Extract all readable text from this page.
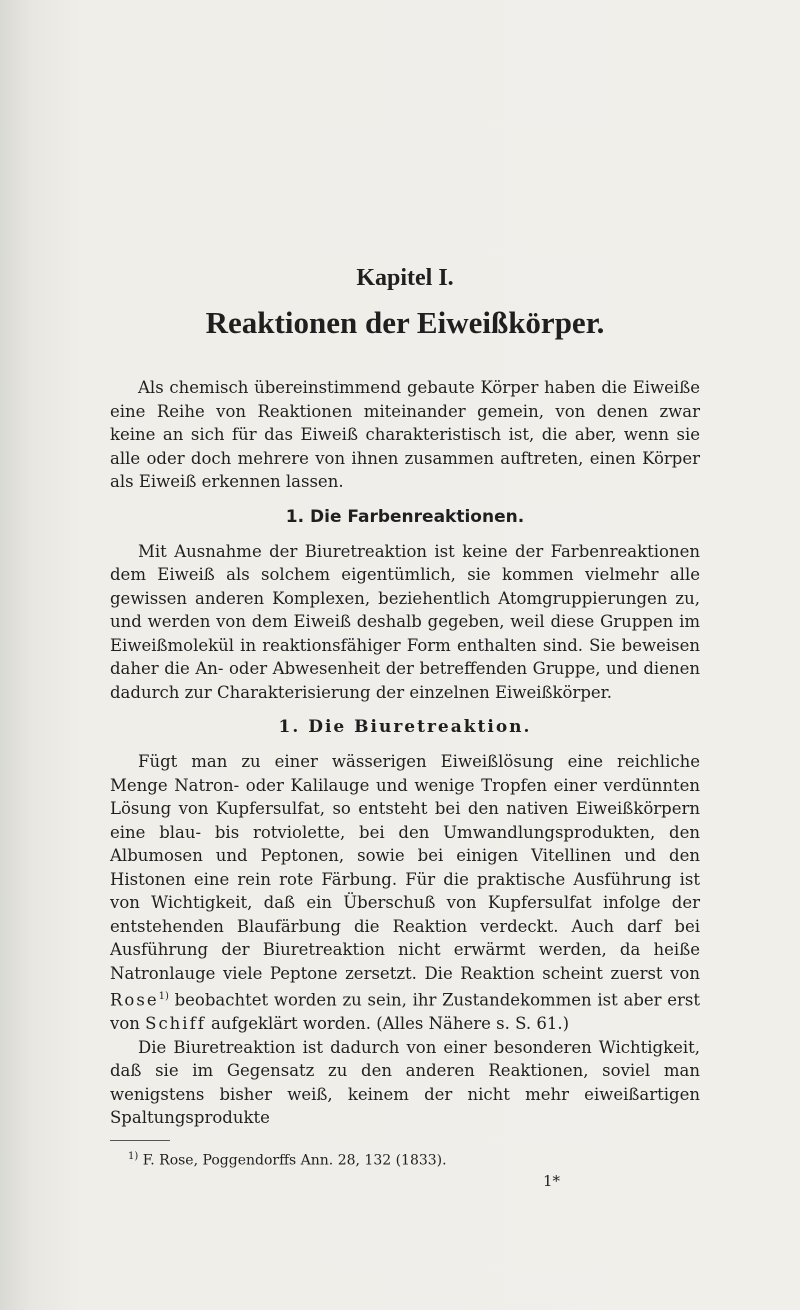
Kapitel I.
Reaktionen der Eiweißkörper.

Als chemisch übereinstimmend gebaute Körper haben die Eiweiße eine Reihe von Reaktionen miteinander gemein, von denen zwar keine an sich für das Eiweiß charakteristisch ist, die aber, wenn sie alle oder doch mehrere von ihnen zusammen auftreten, einen Körper als Eiweiß erkennen lassen.

1. Die Farbenreaktionen.

Mit Ausnahme der Biuretreaktion ist keine der Farbenreaktionen dem Eiweiß als solchem eigentümlich, sie kommen vielmehr alle gewissen anderen Komplexen, beziehentlich Atomgruppierungen zu, und werden von dem Eiweiß deshalb gegeben, weil diese Gruppen im Eiweißmolekül in reaktionsfähiger Form enthalten sind. Sie beweisen daher die An- oder Abwesenheit der betreffenden Gruppe, und dienen dadurch zur Charakterisierung der einzelnen Eiweißkörper.

1. Die Biuretreaktion.

Fügt man zu einer wässerigen Eiweißlösung eine reichliche Menge Natron- oder Kalilauge und wenige Tropfen einer verdünnten Lösung von Kupfersulfat, so entsteht bei den nativen Eiweißkörpern eine blau- bis rotviolette, bei den Umwandlungsprodukten, den Albumosen und Peptonen, sowie bei einigen Vitellinen und den Histonen eine rein rote Färbung. Für die praktische Ausführung ist von Wichtigkeit, daß ein Überschuß von Kupfersulfat infolge der entstehenden Blaufärbung die Reaktion verdeckt. Auch darf bei Ausführung der Biuretreaktion nicht erwärmt werden, da heiße Natronlauge viele Peptone zersetzt. Die Reaktion scheint zuerst von Rose$^{1)}$ beobachtet worden zu sein, ihr Zustandekommen ist aber erst von Schiff aufgeklärt worden. (Alles Nähere s. S. 61.)

Die Biuretreaktion ist dadurch von einer besonderen Wichtigkeit, daß sie im Gegensatz zu den anderen Reaktionen, soviel man wenigstens bisher weiß, keinem der nicht mehr eiweißartigen Spaltungsprodukte

$^{1)}$ F. Rose, Poggendorffs Ann. 28, 132 (1833).

1*
